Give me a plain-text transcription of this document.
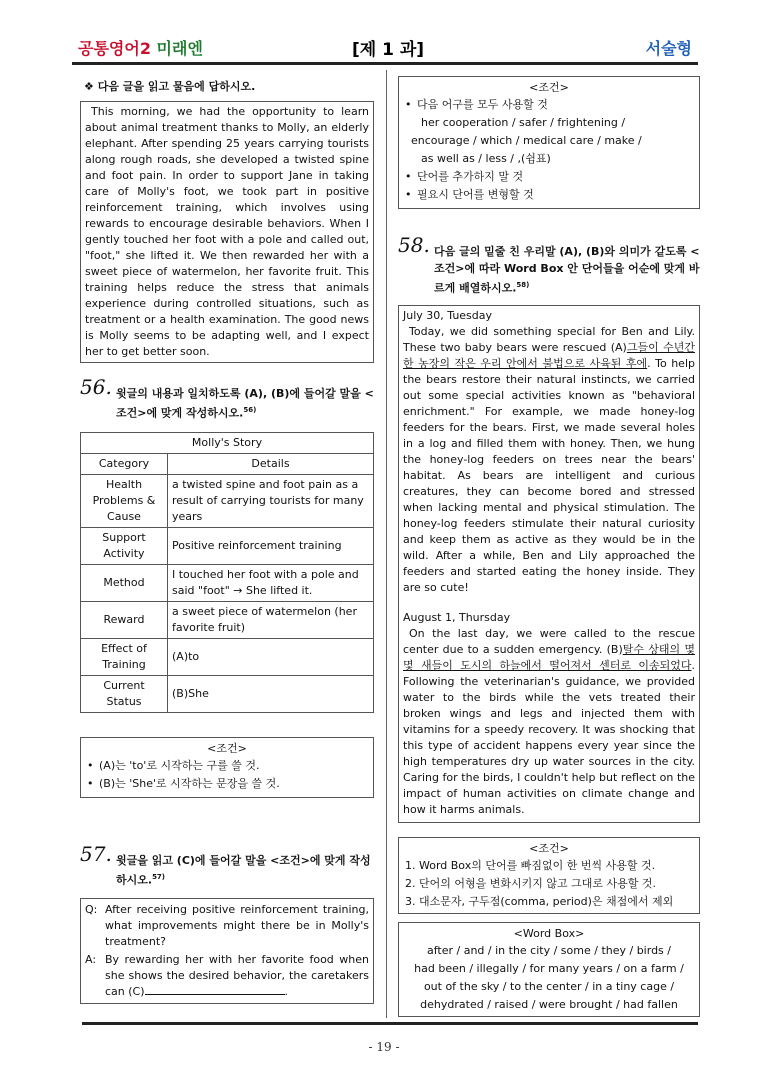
공통영어2 미래엔	[제 1 과]	서술형
❖ 다음 글을 읽고 물음에 답하시오.
This morning, we had the opportunity to learn about animal treatment thanks to Molly, an elderly elephant. After spending 25 years carrying tourists along rough roads, she developed a twisted spine and foot pain. In order to support Jane in taking care of Molly's foot, we took part in positive reinforcement training, which involves using rewards to encourage desirable behaviors. When I gently touched her foot with a pole and called out, "foot," she lifted it. We then rewarded her with a sweet piece of watermelon, her favorite fruit. This training helps reduce the stress that animals experience during controlled situations, such as treatment or a health examination. The good news is Molly seems to be adapting well, and I expect her to get better soon.
56. 윗글의 내용과 일치하도록 (A), (B)에 들어갈 말을 <조건>에 맞게 작성하시오.$^{56)}$
Molly's Story	
Category	Details
Health Problems & Cause	a twisted spine and foot pain as a result of carrying tourists for many years
Support Activity	Positive reinforcement training
Method	I touched her foot with a pole and said "foot" → She lifted it.
Reward	a sweet piece of watermelon (her favorite fruit)
Effect of Training	(A)to
Current Status	(B)She
<조건>
• (A)는 'to'로 시작하는 구를 쓸 것.
• (B)는 'She'로 시작하는 문장을 쓸 것.
57. 윗글을 읽고 (C)에 들어갈 말을 <조건>에 맞게 작성하시오.$^{57)}$
Q: After receiving positive reinforcement training, what improvements might there be in Molly's treatment?
A: By rewarding her with her favorite food when she shows the desired behavior, the caretakers can (C)	.
<조건>
• 다음 어구를 모두 사용할 것
her cooperation / safer / frightening /
encourage / which / medical care / make /
as well as / less / ,(쉼표)
• 단어를 추가하지 말 것
• 필요시 단어를 변형할 것
58. 다음 글의 밑줄 친 우리말 (A), (B)와 의미가 같도록 <조건>에 따라 Word Box 안 단어들을 어순에 맞게 바르게 배열하시오.$^{58)}$
July 30, Tuesday
Today, we did something special for Ben and Lily. These two baby bears were rescued (A)그들이 수년간 한 농장의 작은 우리 안에서 불법으로 사육된 후에. To help the bears restore their natural instincts, we carried out some special activities known as "behavioral enrichment." For example, we made honey-log feeders for the bears. First, we made several holes in a log and filled them with honey. Then, we hung the honey-log feeders on trees near the bears' habitat. As bears are intelligent and curious creatures, they can become bored and stressed when lacking mental and physical stimulation. The honey-log feeders stimulate their natural curiosity and keep them as active as they would be in the wild. After a while, Ben and Lily approached the feeders and started eating the honey inside. They are so cute!
August 1, Thursday
On the last day, we were called to the rescue center due to a sudden emergency. (B)탈수 상태의 몇몇 새들이 도시의 하늘에서 떨어져서 센터로 이송되었다. Following the veterinarian's guidance, we provided water to the birds while the vets treated their broken wings and legs and injected them with vitamins for a speedy recovery. It was shocking that this type of accident happens every year since the high temperatures dry up water sources in the city. Caring for the birds, I couldn't help but reflect on the impact of human activities on climate change and how it harms animals.
<조건>
1. Word Box의 단어를 빠짐없이 한 번씩 사용할 것.
2. 단어의 어형을 변화시키지 않고 그대로 사용할 것.
3. 대소문자, 구두점(comma, period)은 채점에서 제외
<Word Box>
after / and / in the city / some / they / birds /
had been / illegally / for many years / on a farm /
out of the sky / to the center / in a tiny cage /
dehydrated / raised / were brought / had fallen
- 19 -
